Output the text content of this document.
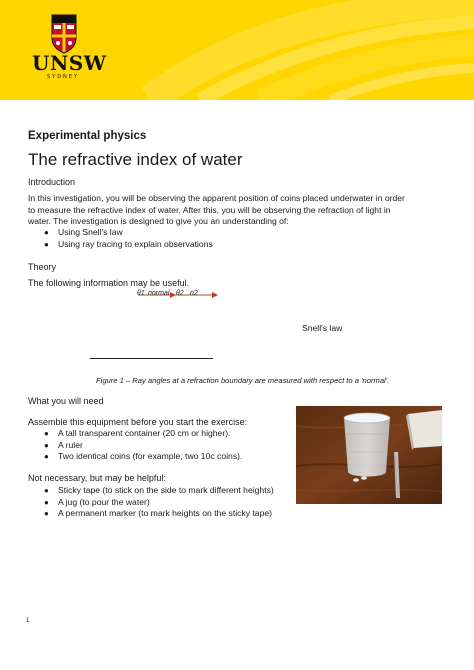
UNSW
SYDNEY
Experimental physics
The refractive index of water
Introduction
In this investigation, you will be observing the apparent position of coins placed underwater in order to measure the refractive index of water. After this, you will be observing the refraction of light in water. The investigation is designed to give you an understanding of:
●	Using Snell's law
●	Using ray tracing to explain observations
Theory
The following information may be useful.
θ1 normal θ2 n2
Snell's law
Figure 1 – Ray angles at a refraction boundary are measured with respect to a 'normal'.
What you will need
Assemble this equipment before you start the exercise:
●	A tall transparent container (20 cm or higher).
●	A ruler
●	Two identical coins (for example, two 10c coins).
Not necessary, but may be helpful:
●	Sticky tape (to stick on the side to mark different heights)
●	A jug (to pour the water)
●	A permanent marker (to mark heights on the sticky tape)
1
